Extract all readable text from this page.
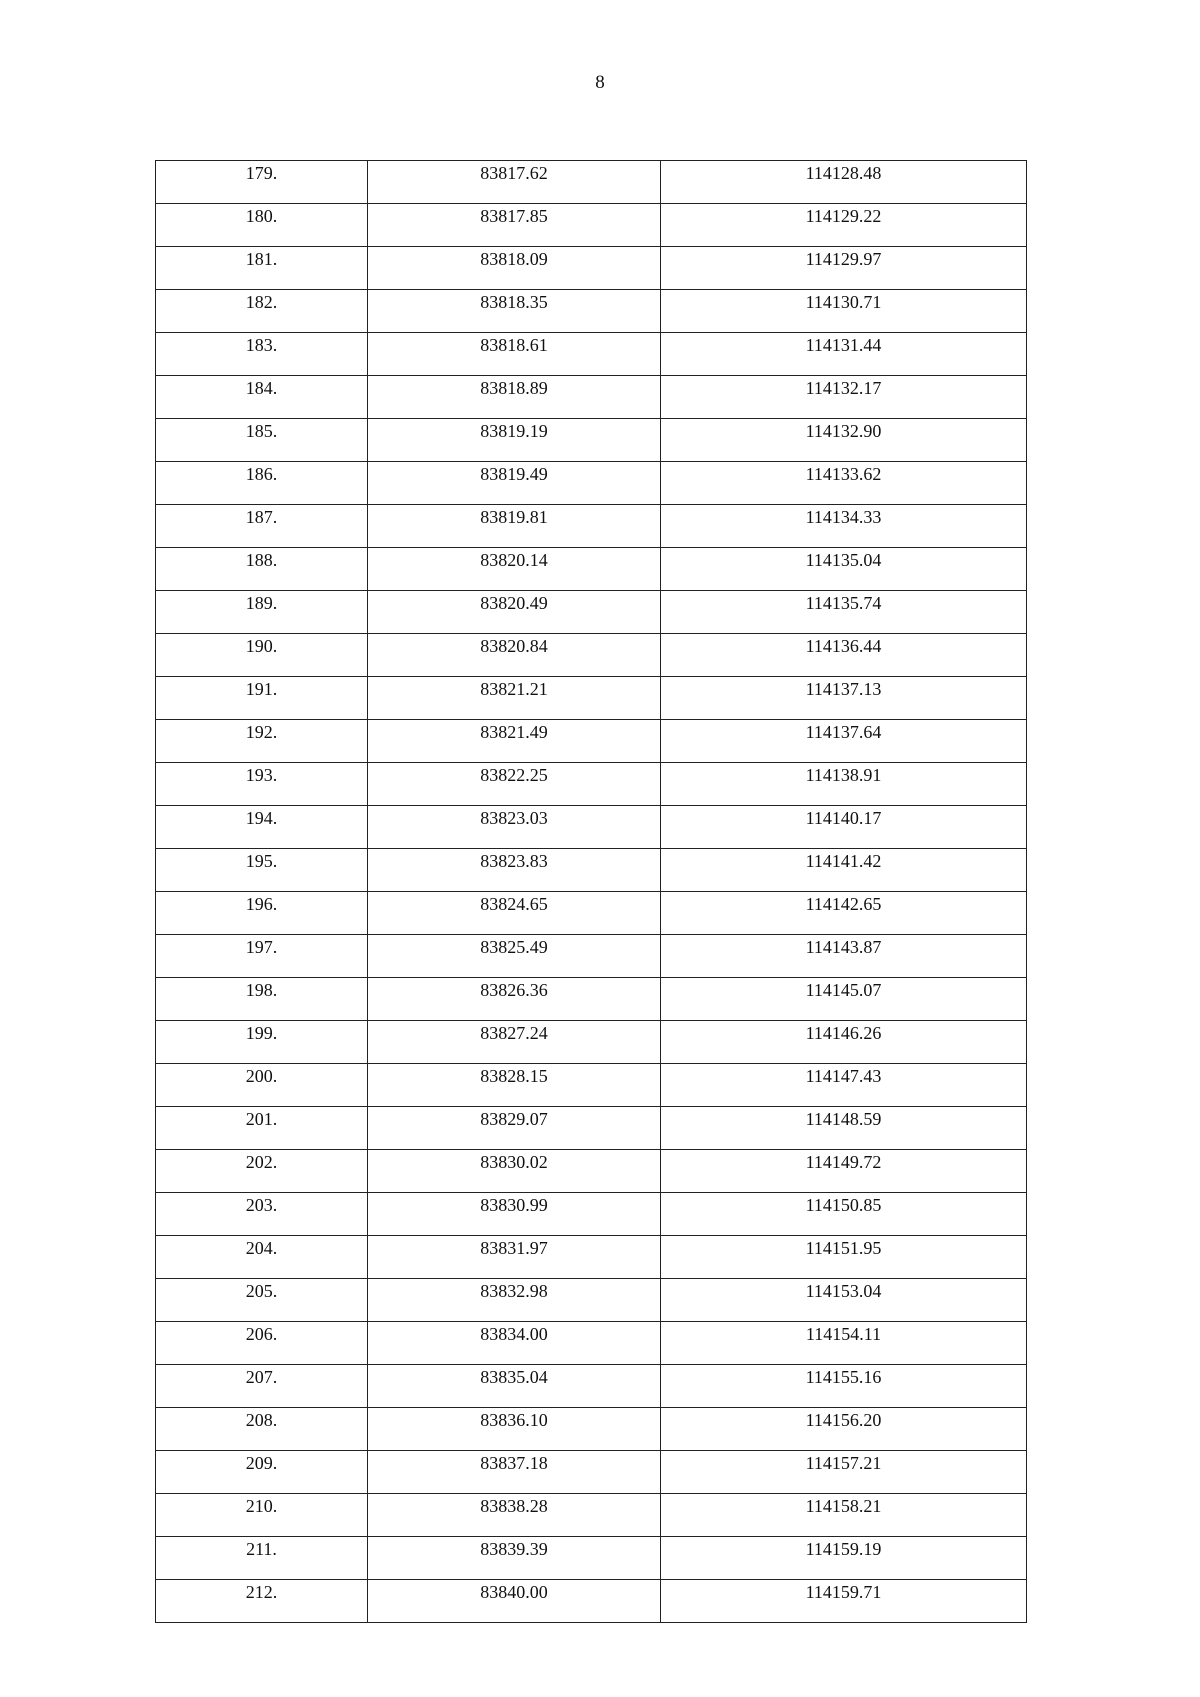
8
179.	83817.62	114128.48
180.	83817.85	114129.22
181.	83818.09	114129.97
182.	83818.35	114130.71
183.	83818.61	114131.44
184.	83818.89	114132.17
185.	83819.19	114132.90
186.	83819.49	114133.62
187.	83819.81	114134.33
188.	83820.14	114135.04
189.	83820.49	114135.74
190.	83820.84	114136.44
191.	83821.21	114137.13
192.	83821.49	114137.64
193.	83822.25	114138.91
194.	83823.03	114140.17
195.	83823.83	114141.42
196.	83824.65	114142.65
197.	83825.49	114143.87
198.	83826.36	114145.07
199.	83827.24	114146.26
200.	83828.15	114147.43
201.	83829.07	114148.59
202.	83830.02	114149.72
203.	83830.99	114150.85
204.	83831.97	114151.95
205.	83832.98	114153.04
206.	83834.00	114154.11
207.	83835.04	114155.16
208.	83836.10	114156.20
209.	83837.18	114157.21
210.	83838.28	114158.21
211.	83839.39	114159.19
212.	83840.00	114159.71
